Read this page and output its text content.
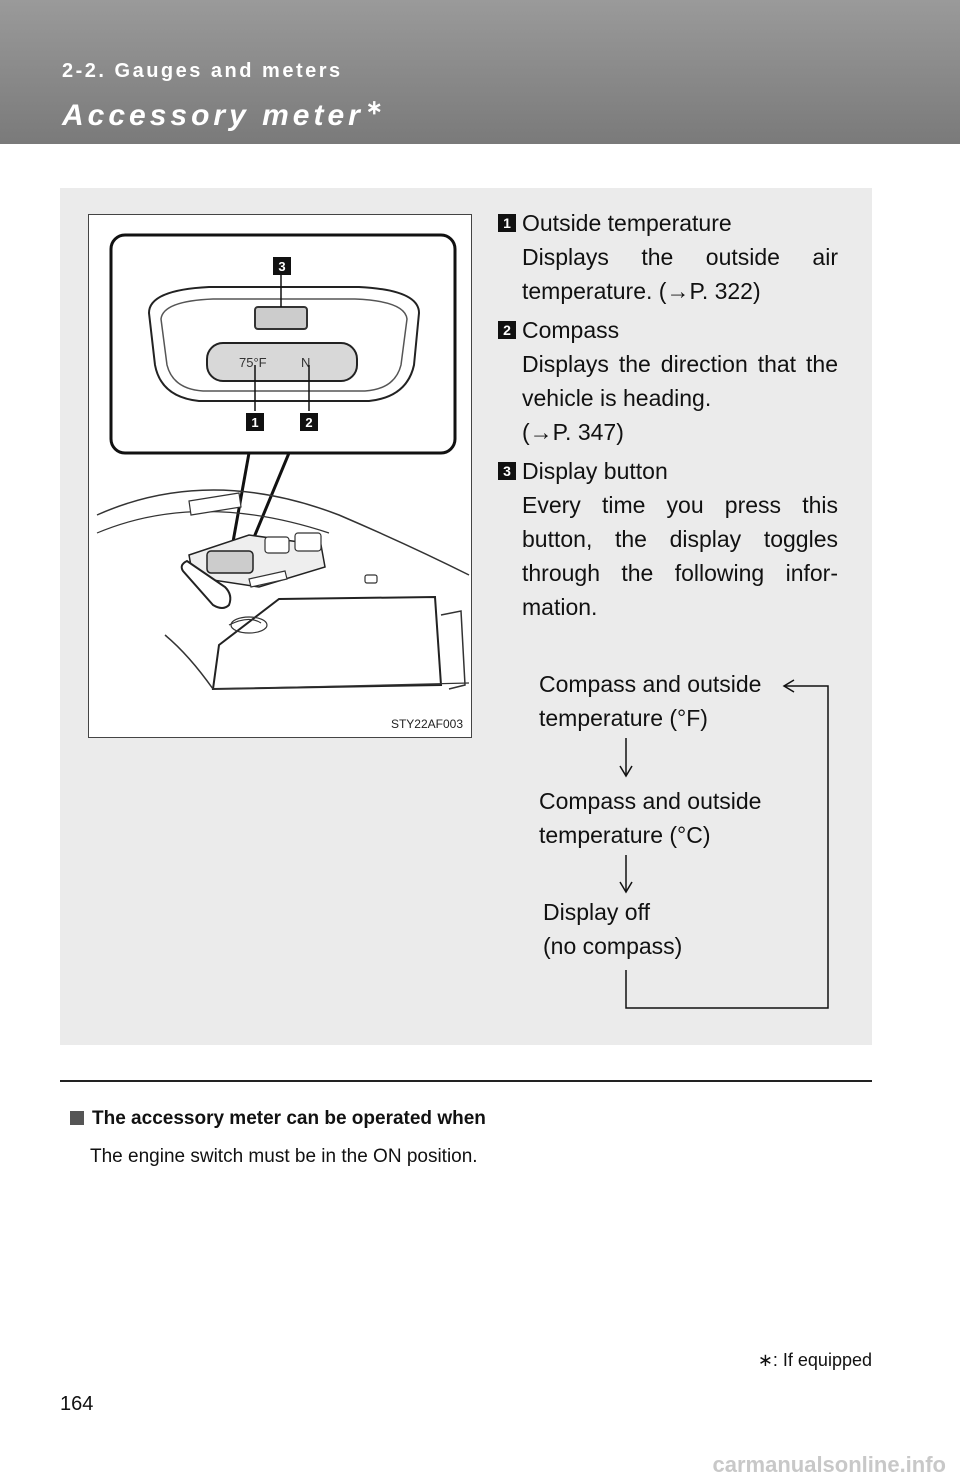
2-2. Gauges and meters
Accessory meter ∗
75°F	N
3
1	2
STY22AF003
1 Outside temperature
Displays the outside air temperature. (→P. 322)
2 Compass
Displays the direction that the vehicle is heading.
(→P. 347)
3 Display button
Every time you press this button, the display toggles through the following infor-mation.
Compass and outside
temperature (°F)
Compass and outside
temperature (°C)
Display off
(no compass)
The accessory meter can be operated when
The engine switch must be in the ON position.
∗: If equipped
164
carmanualsonline.info
